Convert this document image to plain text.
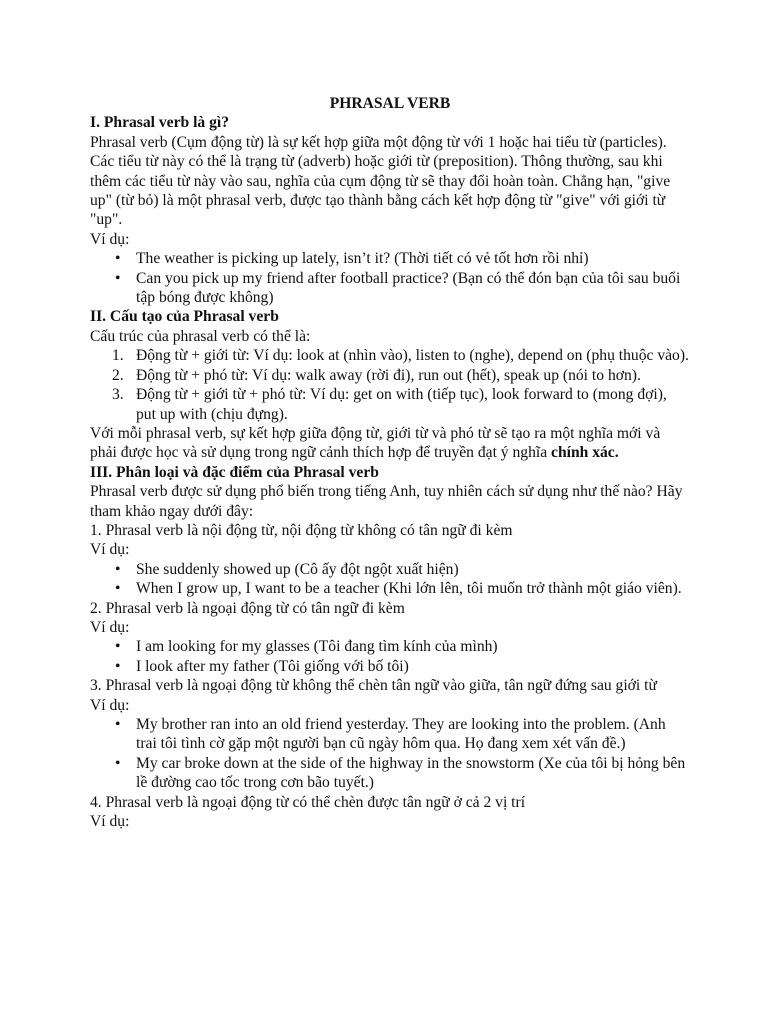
PHRASAL VERB

I. Phrasal verb là gì?

Phrasal verb (Cụm động từ) là sự kết hợp giữa một động từ với 1 hoặc hai tiểu từ (particles). Các tiểu từ này có thể là trạng từ (adverb) hoặc giới từ (preposition). Thông thường, sau khi thêm các tiểu từ này vào sau, nghĩa của cụm động từ sẽ thay đổi hoàn toàn. Chẳng hạn, "give up" (từ bỏ) là một phrasal verb, được tạo thành bằng cách kết hợp động từ "give" với giới từ "up".

Ví dụ:

• The weather is picking up lately, isn’t it? (Thời tiết có vẻ tốt hơn rồi nhỉ)
• Can you pick up my friend after football practice? (Bạn có thể đón bạn của tôi sau buổi tập bóng được không)
II. Cấu tạo của Phrasal verb

Cấu trúc của phrasal verb có thể là:

1. Động từ + giới từ: Ví dụ: look at (nhìn vào), listen to (nghe), depend on (phụ thuộc vào).
2. Động từ + phó từ: Ví dụ: walk away (rời đi), run out (hết), speak up (nói to hơn).
3. Động từ + giới từ + phó từ: Ví dụ: get on with (tiếp tục), look forward to (mong đợi), put up with (chịu đựng).

Với mỗi phrasal verb, sự kết hợp giữa động từ, giới từ và phó từ sẽ tạo ra một nghĩa mới và phải được học và sử dụng trong ngữ cảnh thích hợp để truyền đạt ý nghĩa chính xác.

III. Phân loại và đặc điểm của Phrasal verb

Phrasal verb được sử dụng phổ biến trong tiếng Anh, tuy nhiên cách sử dụng như thế nào? Hãy tham khảo ngay dưới đây:

1. Phrasal verb là nội động từ, nội động từ không có tân ngữ đi kèm

Ví dụ:

• She suddenly showed up (Cô ấy đột ngột xuất hiện)
• When I grow up, I want to be a teacher (Khi lớn lên, tôi muốn trở thành một giáo viên).

2. Phrasal verb là ngoại động từ có tân ngữ đi kèm

Ví dụ:

• I am looking for my glasses (Tôi đang tìm kính của mình)
• I look after my father (Tôi giống với bố tôi)

3. Phrasal verb là ngoại động từ không thể chèn tân ngữ vào giữa, tân ngữ đứng sau giới từ

Ví dụ:

• My brother ran into an old friend yesterday. They are looking into the problem. (Anh trai tôi tình cờ gặp một người bạn cũ ngày hôm qua. Họ đang xem xét vấn đề.)
• My car broke down at the side of the highway in the snowstorm (Xe của tôi bị hỏng bên lề đường cao tốc trong cơn bão tuyết.)

4. Phrasal verb là ngoại động từ có thể chèn được tân ngữ ở cả 2 vị trí

Ví dụ:
